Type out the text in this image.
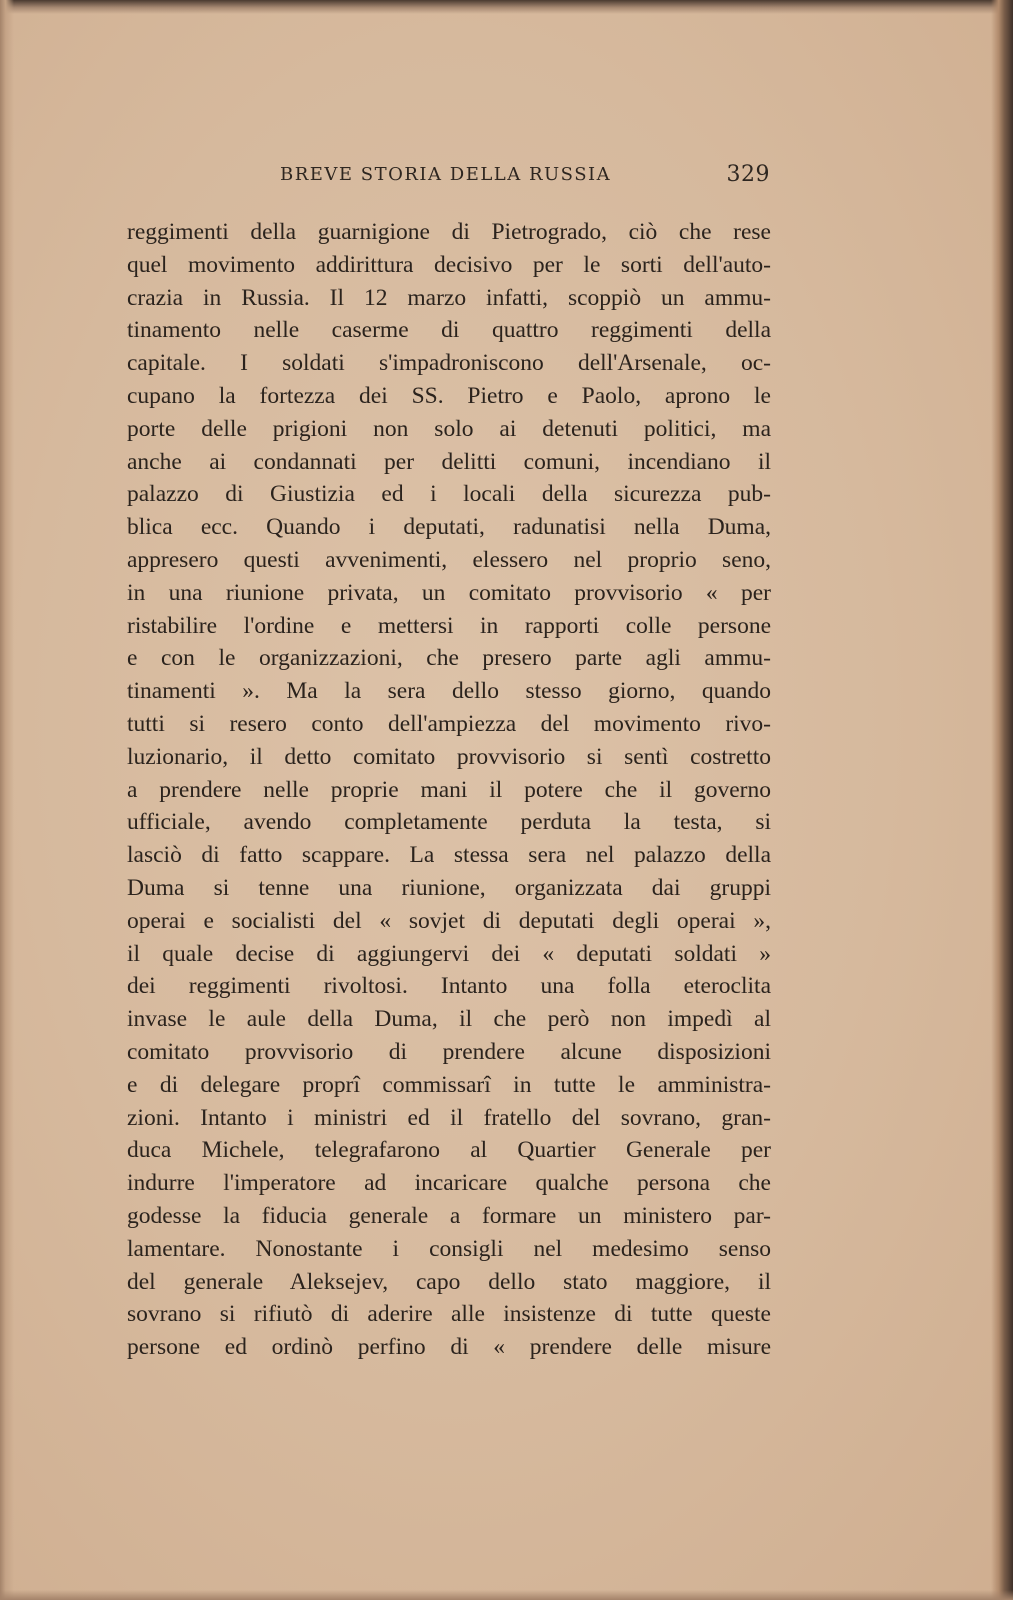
BREVE STORIA DELLA RUSSIA	329
reggimenti della guarnigione di Pietrogrado, ciò che rese
quel movimento addirittura decisivo per le sorti dell'auto-
crazia in Russia. Il 12 marzo infatti, scoppiò un ammu-
tinamento nelle caserme di quattro reggimenti della
capitale. I soldati s'impadroniscono dell'Arsenale, oc-
cupano la fortezza dei SS. Pietro e Paolo, aprono le
porte delle prigioni non solo ai detenuti politici, ma
anche ai condannati per delitti comuni, incendiano il
palazzo di Giustizia ed i locali della sicurezza pub-
blica ecc. Quando i deputati, radunatisi nella Duma,
appresero questi avvenimenti, elessero nel proprio seno,
in una riunione privata, un comitato provvisorio « per
ristabilire l'ordine e mettersi in rapporti colle persone
e con le organizzazioni, che presero parte agli ammu-
tinamenti ». Ma la sera dello stesso giorno, quando
tutti si resero conto dell'ampiezza del movimento rivo-
luzionario, il detto comitato provvisorio si sentì costretto
a prendere nelle proprie mani il potere che il governo
ufficiale, avendo completamente perduta la testa, si
lasciò di fatto scappare. La stessa sera nel palazzo della
Duma si tenne una riunione, organizzata dai gruppi
operai e socialisti del « sovjet di deputati degli operai »,
il quale decise di aggiungervi dei « deputati soldati »
dei reggimenti rivoltosi. Intanto una folla eteroclita
invase le aule della Duma, il che però non impedì al
comitato provvisorio di prendere alcune disposizioni
e di delegare proprî commissarî in tutte le amministra-
zioni. Intanto i ministri ed il fratello del sovrano, gran-
duca Michele, telegrafarono al Quartier Generale per
indurre l'imperatore ad incaricare qualche persona che
godesse la fiducia generale a formare un ministero par-
lamentare. Nonostante i consigli nel medesimo senso
del generale Aleksejev, capo dello stato maggiore, il
sovrano si rifiutò di aderire alle insistenze di tutte queste
persone ed ordinò perfino di « prendere delle misure
